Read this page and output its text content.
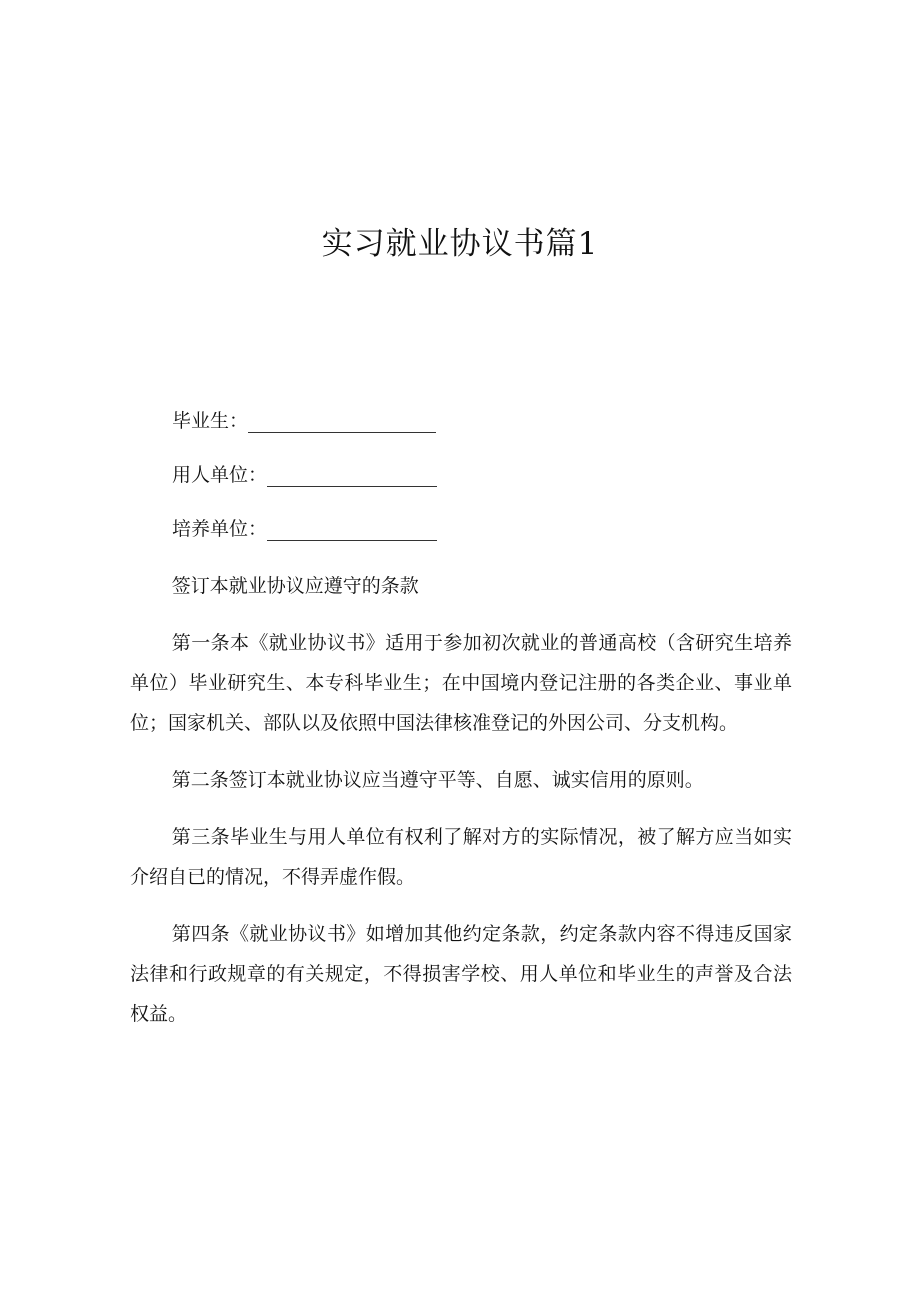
实习就业协议书篇1
毕业生：
用人单位：
培养单位：

签订本就业协议应遵守的条款

第一条本《就业协议书》适用于参加初次就业的普通高校（含研究生培养单位）毕业研究生、本专科毕业生；在中国境内登记注册的各类企业、事业单位；国家机关、部队以及依照中国法律核准登记的外因公司、分支机构。

第二条签订本就业协议应当遵守平等、自愿、诚实信用的原则。

第三条毕业生与用人单位有权利了解对方的实际情况，被了解方应当如实介绍自已的情况，不得弄虚作假。

第四条《就业协议书》如增加其他约定条款，约定条款内容不得违反国家法律和行政规章的有关规定，不得损害学校、用人单位和毕业生的声誉及合法权益。
